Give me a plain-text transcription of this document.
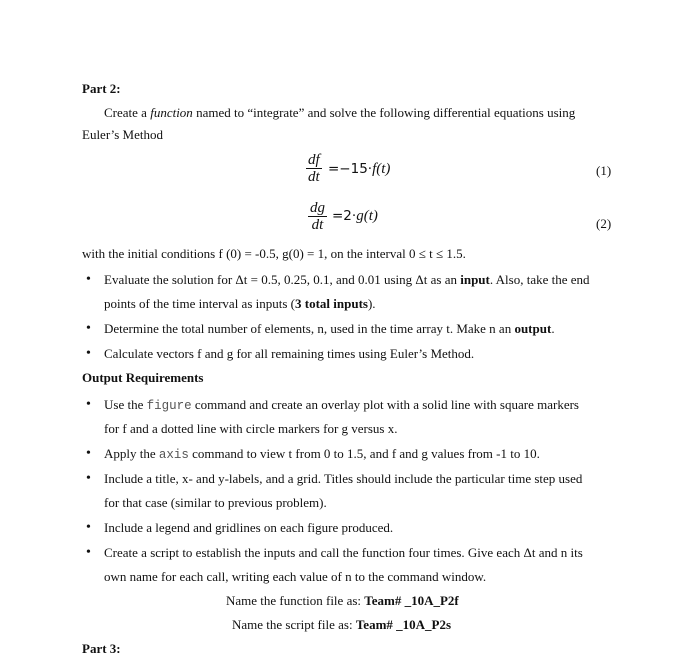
Part 2:
Create a function named to “integrate” and solve the following differential equations using
Euler’s Method
$\frac{df}{dt} =-15\cdot f(t)$	(1)
$\frac{dg}{dt} =2\cdot g(t)$	(2)
with the initial conditions f (0) = -0.5, g(0) = 1, on the interval 0 ≤ t ≤ 1.5.
• Evaluate the solution for Δt = 0.5, 0.25, 0.1, and 0.01 using Δt as an input. Also, take the end
points of the time interval as inputs (3 total inputs).
• Determine the total number of elements, n, used in the time array t. Make n an output.
• Calculate vectors f and g for all remaining times using Euler’s Method.
Output Requirements
• Use the figure command and create an overlay plot with a solid line with square markers
for f and a dotted line with circle markers for g versus x.
• Apply the axis command to view t from 0 to 1.5, and f and g values from -1 to 10.
• Include a title, x- and y-labels, and a grid. Titles should include the particular time step used
for that case (similar to previous problem).
• Include a legend and gridlines on each figure produced.
• Create a script to establish the inputs and call the function four times. Give each Δt and n its
own name for each call, writing each value of n to the command window.
Name the function file as: Team# _10A_P2f
Name the script file as: Team# _10A_P2s
Part 3:
